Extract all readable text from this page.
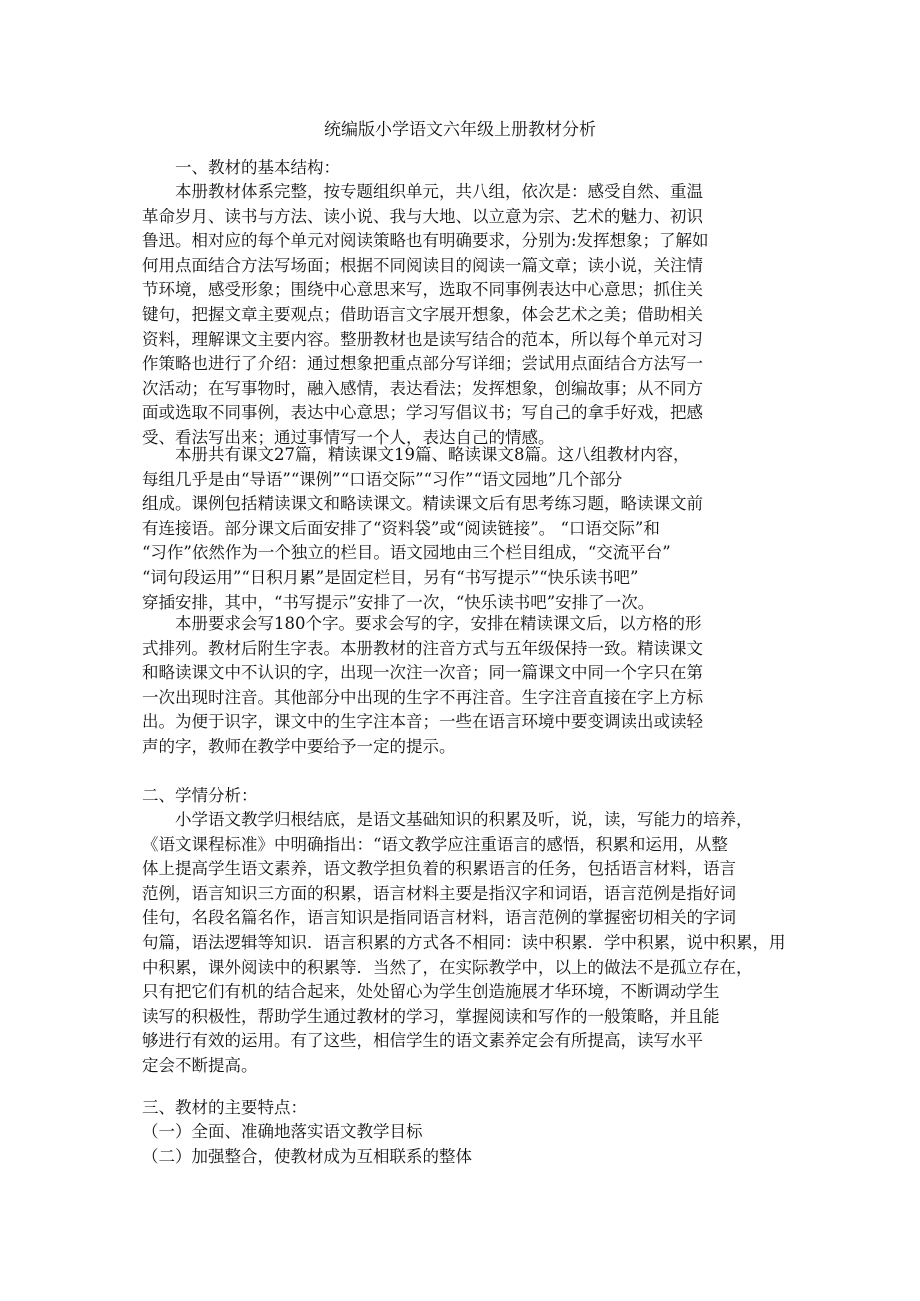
统编版小学语文六年级上册教材分析
一、教材的基本结构：
本册教材体系完整，按专题组织单元，共八组，依次是：感受自然、重温
革命岁月、读书与方法、读小说、我与大地、以立意为宗、艺术的魅力、初识
鲁迅。相对应的每个单元对阅读策略也有明确要求，分别为:发挥想象；了解如
何用点面结合方法写场面；根据不同阅读目的阅读一篇文章；读小说，关注情
节环境，感受形象；围绕中心意思来写，选取不同事例表达中心意思；抓住关
键句，把握文章主要观点；借助语言文字展开想象，体会艺术之美；借助相关
资料，理解课文主要内容。整册教材也是读写结合的范本，所以每个单元对习
作策略也进行了介绍：通过想象把重点部分写详细；尝试用点面结合方法写一
次活动；在写事物时，融入感情，表达看法；发挥想象，创编故事；从不同方
面或选取不同事例，表达中心意思；学习写倡议书；写自己的拿手好戏，把感
受、看法写出来；通过事情写一个人，表达自己的情感。
本册共有课文27篇，精读课文19篇、略读课文8篇。这八组教材内容，
每组几乎是由“导语”“课例”“口语交际”“习作”“语文园地”几个部分
组成。课例包括精读课文和略读课文。精读课文后有思考练习题，略读课文前
有连接语。部分课文后面安排了“资料袋”或“阅读链接”。 “口语交际”和
“习作”依然作为一个独立的栏目。语文园地由三个栏目组成，“交流平台”
“词句段运用”“日积月累”是固定栏目，另有“书写提示”“快乐读书吧”
穿插安排，其中，“书写提示”安排了一次，“快乐读书吧”安排了一次。
本册要求会写180个字。要求会写的字，安排在精读课文后，以方格的形
式排列。教材后附生字表。本册教材的注音方式与五年级保持一致。精读课文
和略读课文中不认识的字，出现一次注一次音；同一篇课文中同一个字只在第
一次出现时注音。其他部分中出现的生字不再注音。生字注音直接在字上方标
出。为便于识字，课文中的生字注本音；一些在语言环境中要变调读出或读轻
声的字，教师在教学中要给予一定的提示。
二、学情分析：
小学语文教学归根结底，是语文基础知识的积累及听，说，读，写能力的培养，
《语文课程标准》中明确指出：“语文教学应注重语言的感悟，积累和运用，从整
体上提高学生语文素养，语文教学担负着的积累语言的任务，包括语言材料，语言
范例，语言知识三方面的积累，语言材料主要是指汉字和词语，语言范例是指好词
佳句，名段名篇名作，语言知识是指同语言材料，语言范例的掌握密切相关的字词
句篇，语法逻辑等知识．语言积累的方式各不相同：读中积累．学中积累，说中积累，用
中积累，课外阅读中的积累等．当然了，在实际教学中，以上的做法不是孤立存在，
只有把它们有机的结合起来，处处留心为学生创造施展才华环境，不断调动学生
读写的积极性，帮助学生通过教材的学习，掌握阅读和写作的一般策略，并且能
够进行有效的运用。有了这些，相信学生的语文素养定会有所提高，读写水平
定会不断提高。
三、教材的主要特点：
（一）全面、准确地落实语文教学目标
（二）加强整合，使教材成为互相联系的整体
